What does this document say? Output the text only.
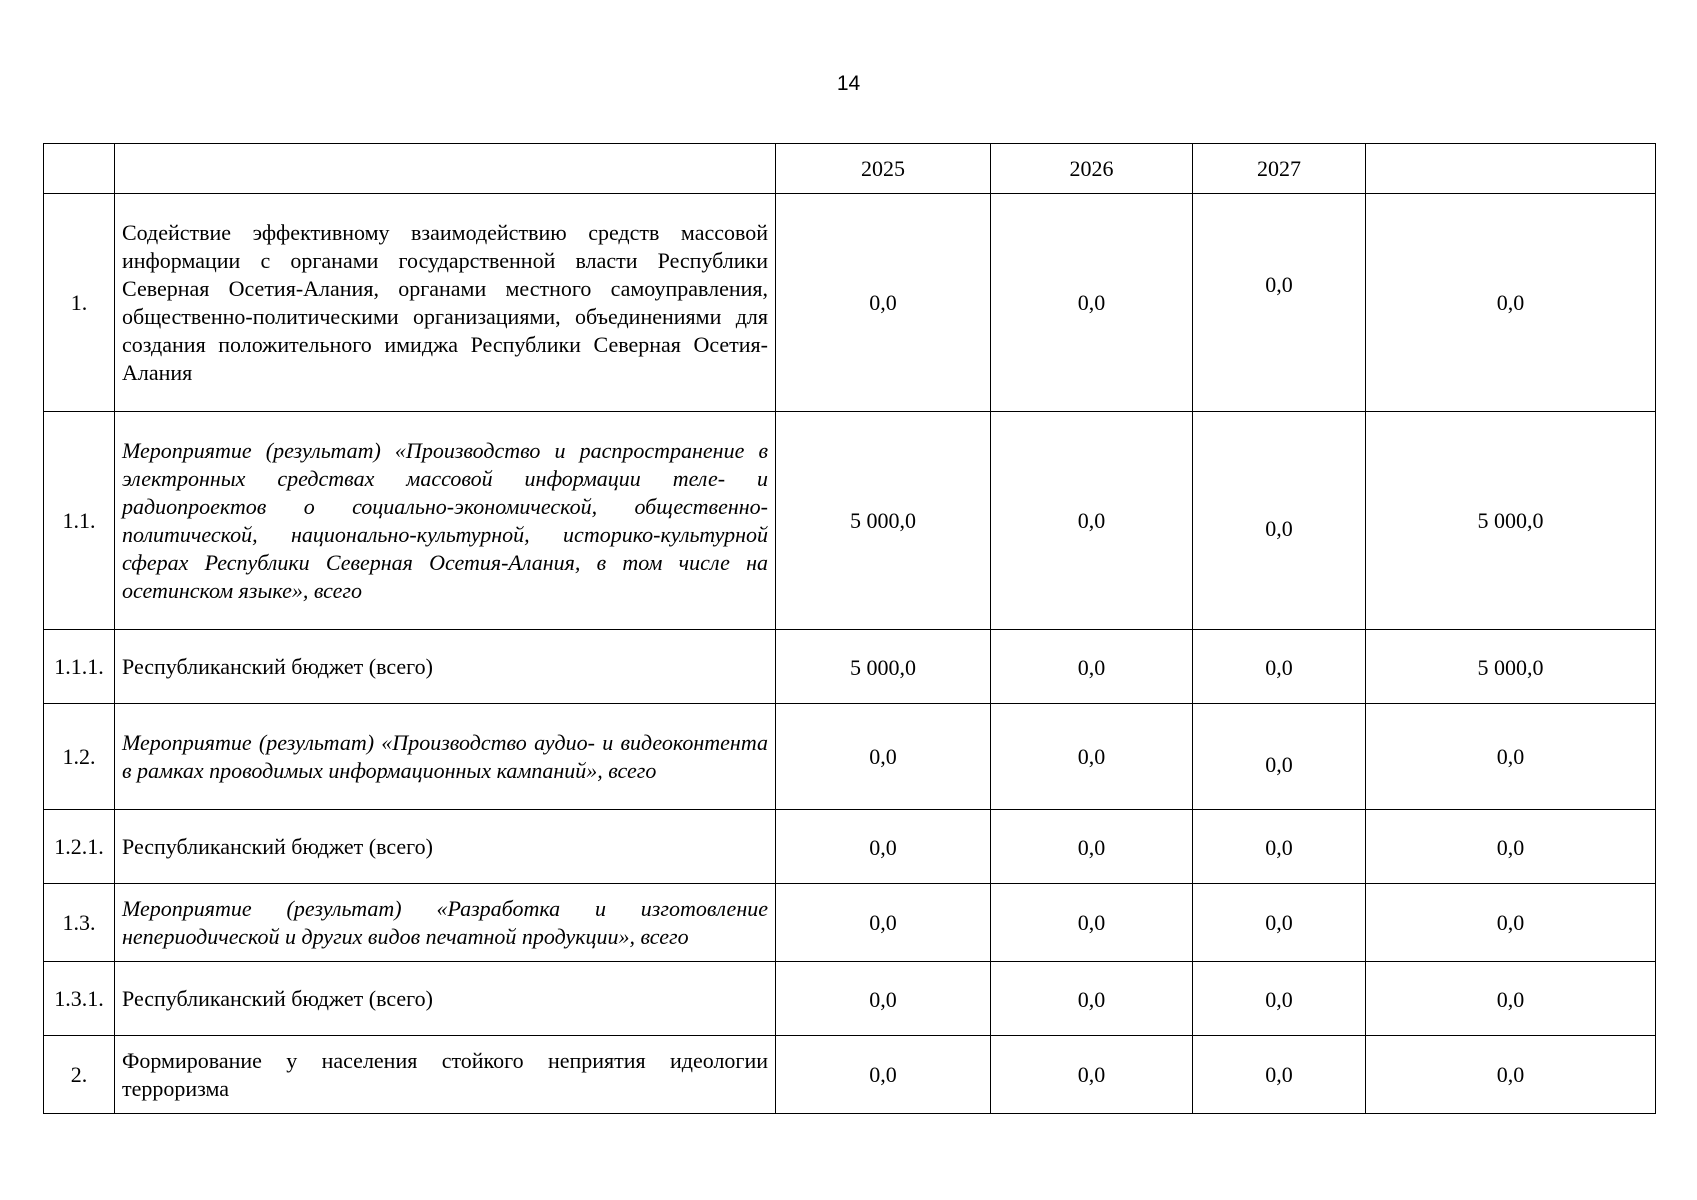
14
		2025	2026	2027	
1.	Содействие эффективному взаимодействию средств массовой информации с органами государственной власти Республики Северная Осетия-Алания, органами местного самоуправления, общественно-политическими организациями, объединениями для создания положительного имиджа Республики Северная Осетия-Алания	0,0	0,0	0,0	0,0
1.1.	Мероприятие (результат) «Производство и распространение в электронных средствах массовой информации теле- и радиопроектов о социально-экономической, общественно-политической, национально-культурной, историко-культурной сферах Республики Северная Осетия-Алания, в том числе на осетинском языке», всего	5 000,0	0,0	0,0	5 000,0
1.1.1.	Республиканский бюджет (всего)	5 000,0	0,0	0,0	5 000,0
1.2.	Мероприятие (результат) «Производство аудио- и видеоконтента в рамках проводимых информационных кампаний», всего	0,0	0,0	0,0	0,0
1.2.1.	Республиканский бюджет (всего)	0,0	0,0	0,0	0,0
1.3.	Мероприятие (результат) «Разработка и изготовление непериодической и других видов печатной продукции», всего	0,0	0,0	0,0	0,0
1.3.1.	Республиканский бюджет (всего)	0,0	0,0	0,0	0,0
2.	Формирование у населения стойкого неприятия идеологии терроризма	0,0	0,0	0,0	0,0
